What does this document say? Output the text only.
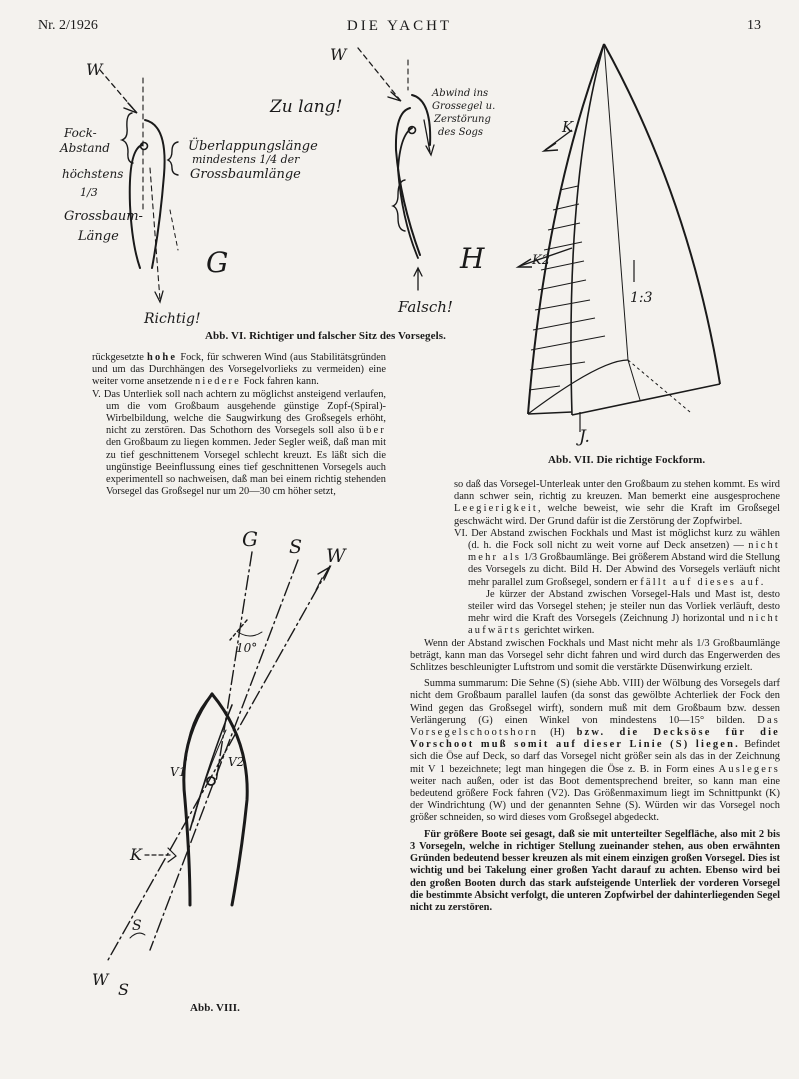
Nr. 2/1926	DIE YACHT	13
W
Fock-
Abstand
höchstens
1/3
Grossbaum-
Länge
Überlappungslänge
mindestens 1/4 der
Grossbaumlänge
Zu lang!
W
Abwind ins
Grossegel u.
Zerstörung
des Sogs
G	H
Richtig!
Falsch!
Abb. VI. Richtiger und falscher Sitz des Vorsegels.
K
K2
1:3
J.
Abb. VII. Die richtige Fockform.

rückgesetzte hohe Fock, für schweren Wind (aus Stabilitätsgründen und um das Durchhängen des Vorsegelvorlieks zu vermeiden) eine weiter vorne ansetzende niedere Fock fahren kann.

V. Das Unterliek soll nach achtern zu möglichst ansteigend verlaufen, um die vom Großbaum ausgehende günstige Zopf-(Spiral)-Wirbelbildung, welche die Saugwirkung des Großsegels erhöht, nicht zu zerstören. Das Schothorn des Vorsegels soll also über den Großbaum zu liegen kommen. Jeder Segler weiß, daß man mit zu tief geschnittenem Vorsegel schlecht kreuzt. Es läßt sich die ungünstige Beeinflussung eines tief geschnittenen Vorsegels auch experimentell so nachweisen, daß man bei einem richtig stehenden Vorsegel das Großsegel nur um 20—30 cm höher setzt,

G S W
10°
V1
V2
K
S
W
S
Abb. VIII.

so daß das Vorsegel-Unterleak unter den Großbaum zu stehen kommt. Es wird dann schwer sein, richtig zu kreuzen. Man bemerkt eine ausgesprochene Leegierigkeit, welche beweist, wie sehr die Kraft im Großsegel geschwächt wird. Der Grund dafür ist die Zerstörung der Zopfwirbel.

VI. Der Abstand zwischen Fockhals und Mast ist möglichst kurz zu wählen (d. h. die Fock soll nicht zu weit vorne auf Deck ansetzen) — nicht mehr als 1/3 Großbaumlänge. Bei größerem Abstand wird die Stellung des Vorsegels zu dicht. Bild H. Der Abwind des Vorsegels verläuft nicht mehr parallel zum Großsegel, sondern er fällt auf dieses auf.

Je kürzer der Abstand zwischen Vorsegel-Hals und Mast ist, desto steiler wird das Vorsegel stehen; je steiler nun das Vorliek verläuft, desto mehr wird die Kraft des Vorsegels (Zeichnung J) horizontal und nicht aufwärts gerichtet wirken.

Wenn der Abstand zwischen Fockhals und Mast nicht mehr als 1/3 Großbaumlänge beträgt, kann man das Vorsegel sehr dicht fahren und wird durch das Engerwerden des Schlitzes beschleunigter Luftstrom und somit die verstärkte Düsenwirkung erzielt.

Summa summarum: Die Sehne (S) (siehe Abb. VIII) der Wölbung des Vorsegels darf nicht dem Großbaum parallel laufen (da sonst das gewölbte Achterliek der Fock den Wind gegen das Großsegel wirft), sondern muß mit dem Großbaum bzw. dessen Verlängerung (G) einen Winkel von mindestens 10—15° bilden. Das Vorsegelschootshorn (H) bzw. die Decksöse für die Vorschoot muß somit auf dieser Linie (S) liegen. Befindet sich die Öse auf Deck, so darf das Vorsegel nicht größer sein als das in der Zeichnung mit V 1 bezeichnete; legt man hingegen die Öse z. B. in Form eines Auslegers weiter nach außen, oder ist das Boot dementsprechend breiter, so kann man eine bedeutend größere Fock fahren (V2). Das Größenmaximum liegt im Schnittpunkt (K) der Windrichtung (W) und der genannten Sehne (S). Würden wir das Vorsegel noch größer schneiden, so wird dieses vom Großsegel abgedeckt.

Für größere Boote sei gesagt, daß sie mit unterteilter Segelfläche, also mit 2 bis 3 Vorsegeln, welche in richtiger Stellung zueinander stehen, aus oben erwähnten Gründen bedeutend besser kreuzen als mit einem einzigen großen Vorsegel. Dies ist wichtig und bei Takelung einer großen Yacht darauf zu achten. Ebenso wird bei den großen Booten durch das stark aufsteigende Unterliek der vorderen Vorsegel die bestimmte Absicht verfolgt, die unteren Zopfwirbel der dahinterliegenden Segel nicht zu zerstören.
